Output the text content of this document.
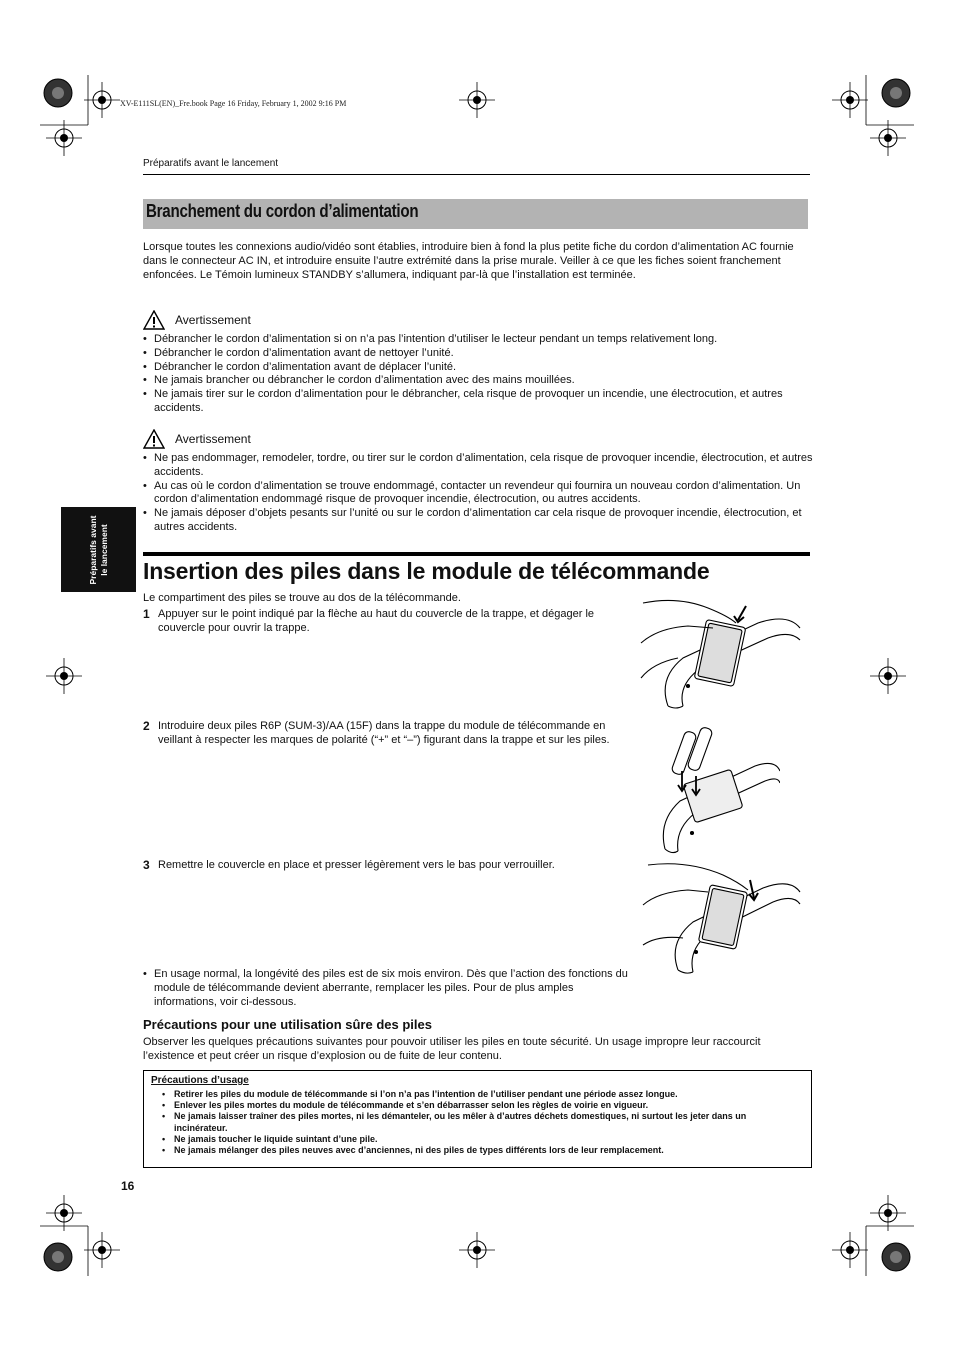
XV-E111SL(EN)_Fre.book Page 16 Friday, February 1, 2002 9:16 PM
Préparatifs avant le lancement
Branchement du cordon d’alimentation

Lorsque toutes les connexions audio/vidéo sont établies, introduire bien à fond la plus petite fiche du cordon d’alimentation AC fournie dans le connecteur AC IN, et introduire ensuite l’autre extrémité dans la prise murale. Veiller à ce que les fiches soient franchement enfoncées. Le Témoin lumineux STANDBY s’allumera, indiquant par-là que l’installation est terminée.

Avertissement
• Débrancher le cordon d’alimentation si on n’a pas l’intention d’utiliser le lecteur pendant un temps relativement long.
• Débrancher le cordon d’alimentation avant de nettoyer l’unité.
• Débrancher le cordon d’alimentation avant de déplacer l’unité.
• Ne jamais brancher ou débrancher le cordon d’alimentation avec des mains mouillées.
• Ne jamais tirer sur le cordon d’alimentation pour le débrancher, cela risque de provoquer un incendie, une électrocution, et autres accidents.
Avertissement
• Ne pas endommager, remodeler, tordre, ou tirer sur le cordon d’alimentation, cela risque de provoquer incendie, électrocution, et autres accidents.
• Au cas où le cordon d’alimentation se trouve endommagé, contacter un revendeur qui fournira un nouveau cordon d’alimentation. Un cordon d’alimentation endommagé risque de provoquer incendie, électrocution, ou autres accidents.
• Ne jamais déposer d’objets pesants sur l’unité ou sur le cordon d’alimentation car cela risque de provoquer incendie, électrocution, et autres accidents.
Préparatifs avant le lancement Insertion des piles dans le module de télécommande
Le compartiment des piles se trouve au dos de la télécommande.
1 Appuyer sur le point indiqué par la flèche au haut du couvercle de la trappe, et dégager le couvercle pour ouvrir la trappe.
2 Introduire deux piles R6P (SUM-3)/AA (15F) dans la trappe du module de télécommande en veillant à respecter les marques de polarité (“+” et “–”) figurant dans la trappe et sur les piles.
3 Remettre le couvercle en place et presser légèrement vers le bas pour verrouiller.
• En usage normal, la longévité des piles est de six mois environ. Dès que l’action des fonctions du module de télécommande devient aberrante, remplacer les piles. Pour de plus amples informations, voir ci-dessous.
Précautions pour une utilisation sûre des piles

Observer les quelques précautions suivantes pour pouvoir utiliser les piles en toute sécurité. Un usage impropre leur raccourcit l’existence et peut créer un risque d’explosion ou de fuite de leur contenu.

Précautions d’usage
• Retirer les piles du module de télécommande si l’on n’a pas l’intention de l’utiliser pendant une période assez longue.
• Enlever les piles mortes du module de télécommande et s’en débarrasser selon les règles de voirie en vigueur.
• Ne jamais laisser traîner des piles mortes, ni les démanteler, ou les mêler à d’autres déchets domestiques, ni surtout les jeter dans un incinérateur.
• Ne jamais toucher le liquide suintant d’une pile.
• Ne jamais mélanger des piles neuves avec d’anciennes, ni des piles de types différents lors de leur remplacement.
16
